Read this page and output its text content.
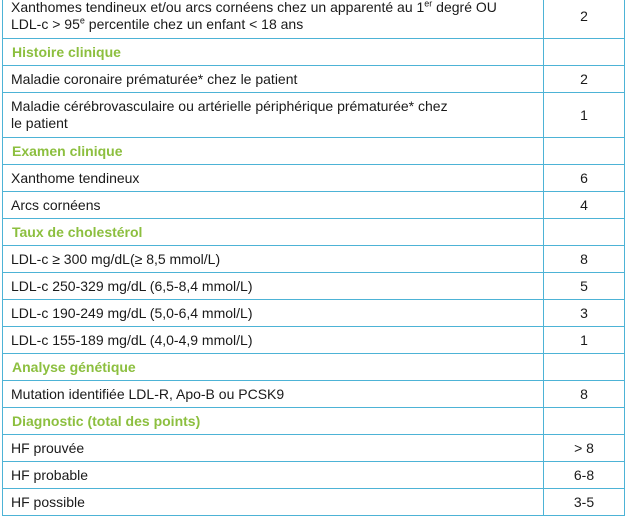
Xanthomes tendineux et/ou arcs cornéens chez un apparenté au 1er degré OU
$LDL-c > 95^e$ percentile chez un enfant < 18 ans	2
Histoire clinique	
Maladie coronaire prématurée* chez le patient	2
Maladie cérébrovasculaire ou artérielle périphérique prématurée* chez
le patient	1
Examen clinique	
Xanthome tendineux	6
Arcs cornéens	4
Taux de cholestérol	
LDL-c ≥ 300 mg/dL(≥ 8,5 mmol/L)	8
LDL-c 250-329 mg/dL (6,5-8,4 mmol/L)	5
LDL-c 190-249 mg/dL (5,0-6,4 mmol/L)	3
LDL-c 155-189 mg/dL (4,0-4,9 mmol/L)	1
Analyse génétique	
Mutation identifiée LDL-R, Apo-B ou PCSK9	8
Diagnostic (total des points)	
HF prouvée	> 8
HF probable	6-8
HF possible	3-5
